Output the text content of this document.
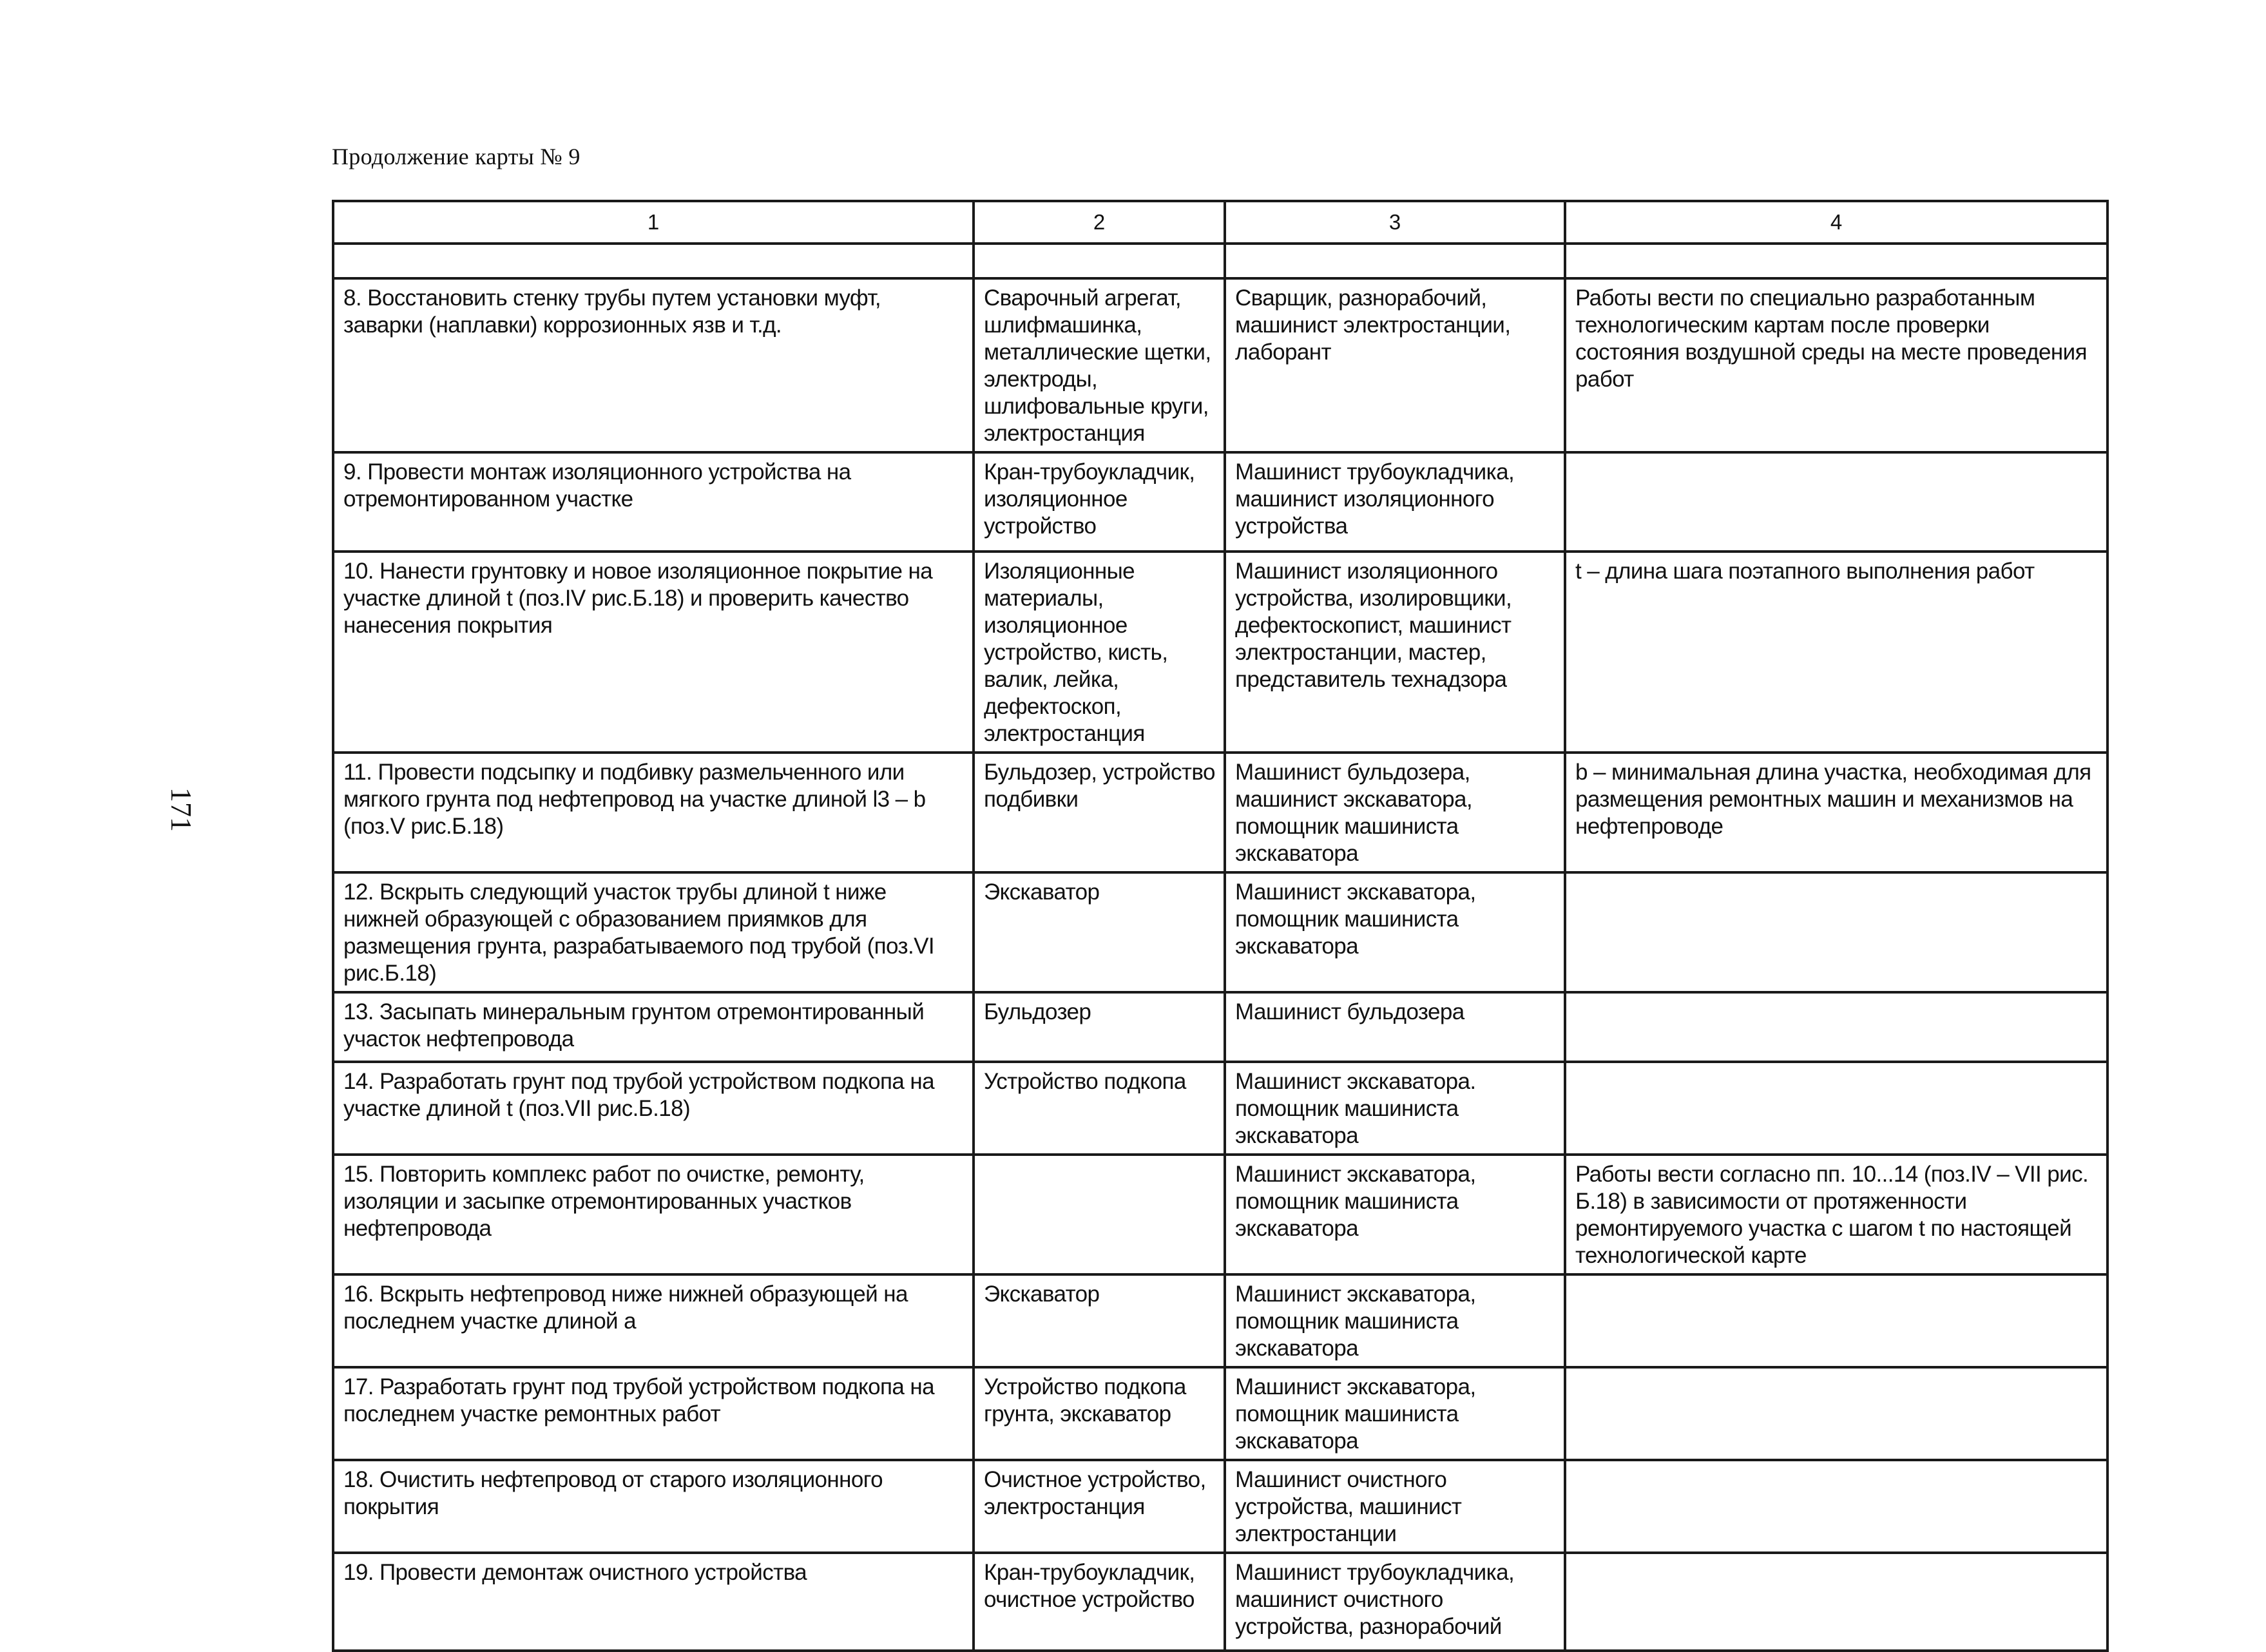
Продолжение карты № 9
171
1	2	3	4

8. Восстановить стенку трубы путем установки муфт, заварки (наплавки) коррозионных язв и т.д.	Сварочный агрегат, шлифмашинка, металлические щетки, электроды, шлифовальные круги, электростанция	Сварщик, разнорабочий, машинист электростанции, лаборант	Работы вести по специально разработанным технологическим картам после проверки состояния воздушной среды на месте проведения работ

9. Провести монтаж изоляционного устройства на отремонтированном участке	Кран-трубоукладчик, изоляционное устройство	Машинист трубоукладчика, машинист изоляционного устройства	

10. Нанести грунтовку и новое изоляционное покрытие на участке длиной t (поз.IV рис.Б.18) и проверить качество нанесения покрытия	Изоляционные материалы, изоляционное устройство, кисть, валик, лейка, дефектоскоп, электростанция	Машинист изоляционного устройства, изолировщики, дефектоскопист, машинист электростанции, мастер, представитель технадзора	t – длина шага поэтапного выполнения работ

11. Провести подсыпку и подбивку размельченного или мягкого грунта под нефтепровод на участке длиной l3 – b (поз.V рис.Б.18)	Бульдозер, устройство подбивки	Машинист бульдозера, машинист экскаватора, помощник машиниста экскаватора	b – минимальная длина участка, необходимая для размещения ремонтных машин и механизмов на нефтепроводе

12. Вскрыть следующий участок трубы длиной t ниже нижней образующей с образованием приямков для размещения грунта, разрабатываемого под трубой (поз.VI рис.Б.18)	Экскаватор	Машинист экскаватора, помощник машиниста экскаватора	

13. Засыпать минеральным грунтом отремонтированный участок нефтепровода	Бульдозер	Машинист бульдозера	

14. Разработать грунт под трубой устройством подкопа на участке длиной t (поз.VII рис.Б.18)	Устройство подкопа	Машинист экскаватора. помощник машиниста экскаватора	

15. Повторить комплекс работ по очистке, ремонту, изоляции и засыпке отремонтированных участков нефтепровода		Машинист экскаватора, помощник машиниста экскаватора	Работы вести согласно пп. 10...14 (поз.IV – VII рис. Б.18) в зависимости от протяженности ремонтируемого участка с шагом t по настоящей технологической карте

16. Вскрыть нефтепровод ниже нижней образующей на последнем участке длиной a	Экскаватор	Машинист экскаватора, помощник машиниста экскаватора	

17. Разработать грунт под трубой устройством подкопа на последнем участке ремонтных работ	Устройство подкопа грунта, экскаватор	Машинист экскаватора, помощник машиниста экскаватора	

18. Очистить нефтепровод от старого изоляционного покрытия	Очистное устройство, электростанция	Машинист очистного устройства, машинист электростанции	

19. Провести демонтаж очистного устройства	Кран-трубоукладчик, очистное устройство	Машинист трубоукладчика, машинист очистного устройства, разнорабочий	
